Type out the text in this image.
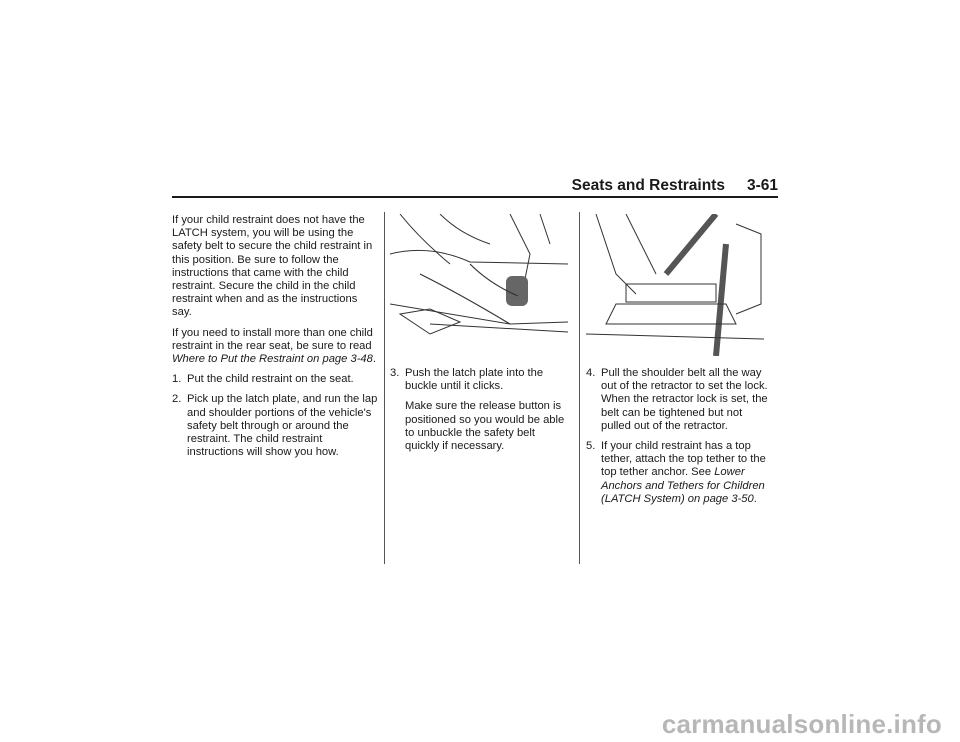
Seats and Restraints 3-61

If your child restraint does not have the LATCH system, you will be using the safety belt to secure the child restraint in this position. Be sure to follow the instructions that came with the child restraint. Secure the child in the child restraint when and as the instructions say.

If you need to install more than one child restraint in the rear seat, be sure to read Where to Put the Restraint on page 3-48.

1. Put the child restraint on the seat.
2. Pick up the latch plate, and run the lap and shoulder portions of the vehicle's safety belt through or around the restraint. The child restraint instructions will show you how.
3. Push the latch plate into the buckle until it clicks.

Make sure the release button is positioned so you would be able to unbuckle the safety belt quickly if necessary.

4. Pull the shoulder belt all the way out of the retractor to set the lock. When the retractor lock is set, the belt can be tightened but not pulled out of the retractor.
5. If your child restraint has a top tether, attach the top tether to the top tether anchor. See Lower Anchors and Tethers for Children (LATCH System) on page 3-50.
carmanualsonline.info
